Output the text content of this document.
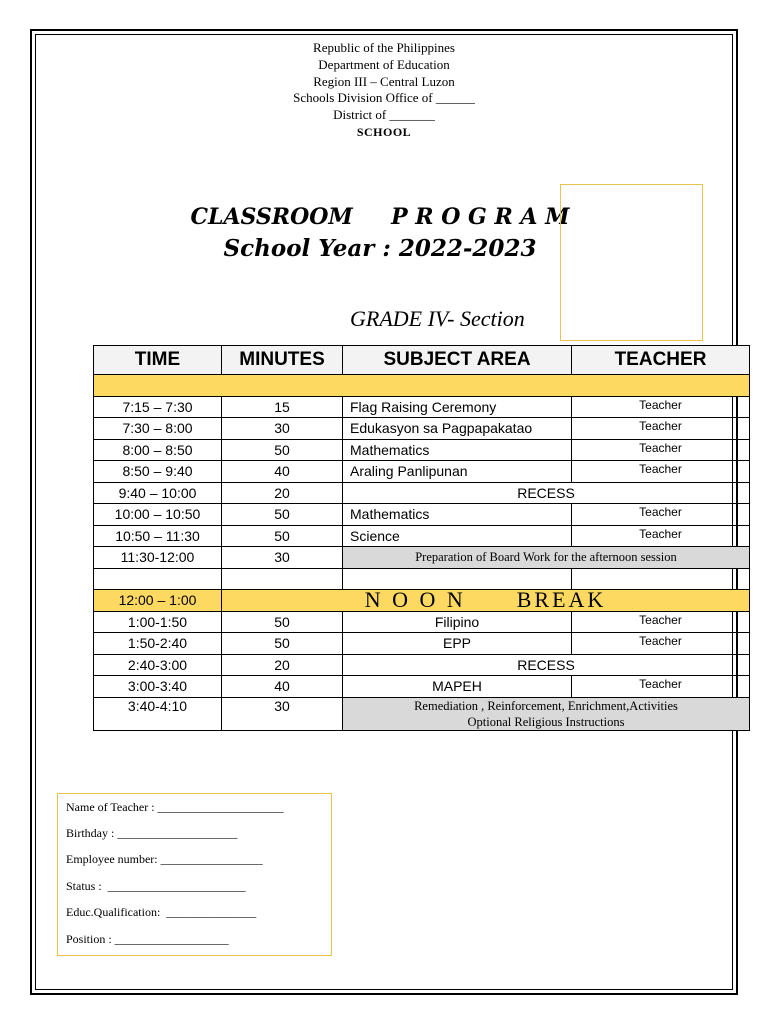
Republic of the Philippines
Department of Education
Region III – Central Luzon
Schools Division Office of ______
District of _______
SCHOOL
CLASSROOM     P R O G R A M
School Year : 2022-2023
GRADE IV- Section
TIME	MINUTES	SUBJECT AREA	TEACHER

7:15 – 7:30	15	Flag Raising Ceremony	Teacher
7:30 – 8:00	30	Edukasyon sa Pagpapakatao	Teacher
8:00 – 8:50	50	Mathematics	Teacher
8:50 – 9:40	40	Araling Panlipunan	Teacher
9:40 – 10:00	20	RECESS	
10:00 – 10:50	50	Mathematics	Teacher
10:50 – 11:30	50	Science	Teacher
11:30-12:00	30	Preparation of Board Work for the afternoon session	

12:00 – 1:00	N O O N      BREAK		
1:00-1:50	50	Filipino	Teacher
1:50-2:40	50	EPP	Teacher
2:40-3:00	20	RECESS	
3:00-3:40	40	MAPEH	Teacher
3:40-4:10	30	Remediation , Reinforcement, Enrichment,Activities
Optional Religious Instructions	
Name of Teacher : _____________________
Birthday : ____________________
Employee number: _________________
Status :  _______________________
Educ.Qualification:  _______________
Position : ___________________
